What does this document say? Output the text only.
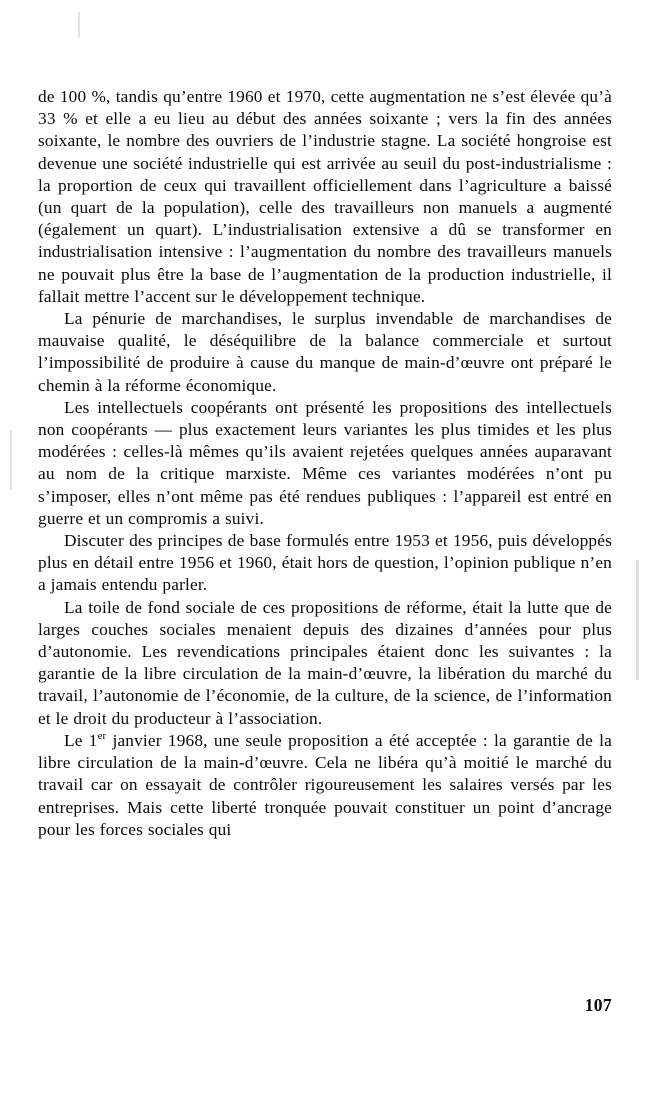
de 100 %, tandis qu’entre 1960 et 1970, cette augmentation ne s’est élevée qu’à 33 % et elle a eu lieu au début des années soixante ; vers la fin des années soixante, le nombre des ouvriers de l’industrie stagne. La société hongroise est devenue une société industrielle qui est arrivée au seuil du post-industrialisme : la proportion de ceux qui travaillent officiellement dans l’agriculture a baissé (un quart de la population), celle des travailleurs non manuels a augmenté (également un quart). L’industrialisation extensive a dû se transformer en industrialisation intensive : l’augmentation du nombre des travailleurs manuels ne pouvait plus être la base de l’augmentation de la production industrielle, il fallait mettre l’accent sur le développement technique.

La pénurie de marchandises, le surplus invendable de marchandises de mauvaise qualité, le déséquilibre de la balance commerciale et surtout l’impossibilité de produire à cause du manque de main-d’œuvre ont préparé le chemin à la réforme économique.

Les intellectuels coopérants ont présenté les propositions des intellectuels non coopérants — plus exactement leurs variantes les plus timides et les plus modérées : celles-là mêmes qu’ils avaient rejetées quelques années auparavant au nom de la critique marxiste. Même ces variantes modérées n’ont pu s’imposer, elles n’ont même pas été rendues publiques : l’appareil est entré en guerre et un compromis a suivi.

Discuter des principes de base formulés entre 1953 et 1956, puis développés plus en détail entre 1956 et 1960, était hors de question, l’opinion publique n’en a jamais entendu parler.

La toile de fond sociale de ces propositions de réforme, était la lutte que de larges couches sociales menaient depuis des dizaines d’années pour plus d’autonomie. Les revendications principales étaient donc les suivantes : la garantie de la libre circulation de la main-d’œuvre, la libération du marché du travail, l’autonomie de l’économie, de la culture, de la science, de l’information et le droit du producteur à l’association.

Le 1er janvier 1968, une seule proposition a été acceptée : la garantie de la libre circulation de la main-d’œuvre. Cela ne libéra qu’à moitié le marché du travail car on essayait de contrôler rigoureusement les salaires versés par les entreprises. Mais cette liberté tronquée pouvait constituer un point d’ancrage pour les forces sociales qui

107
